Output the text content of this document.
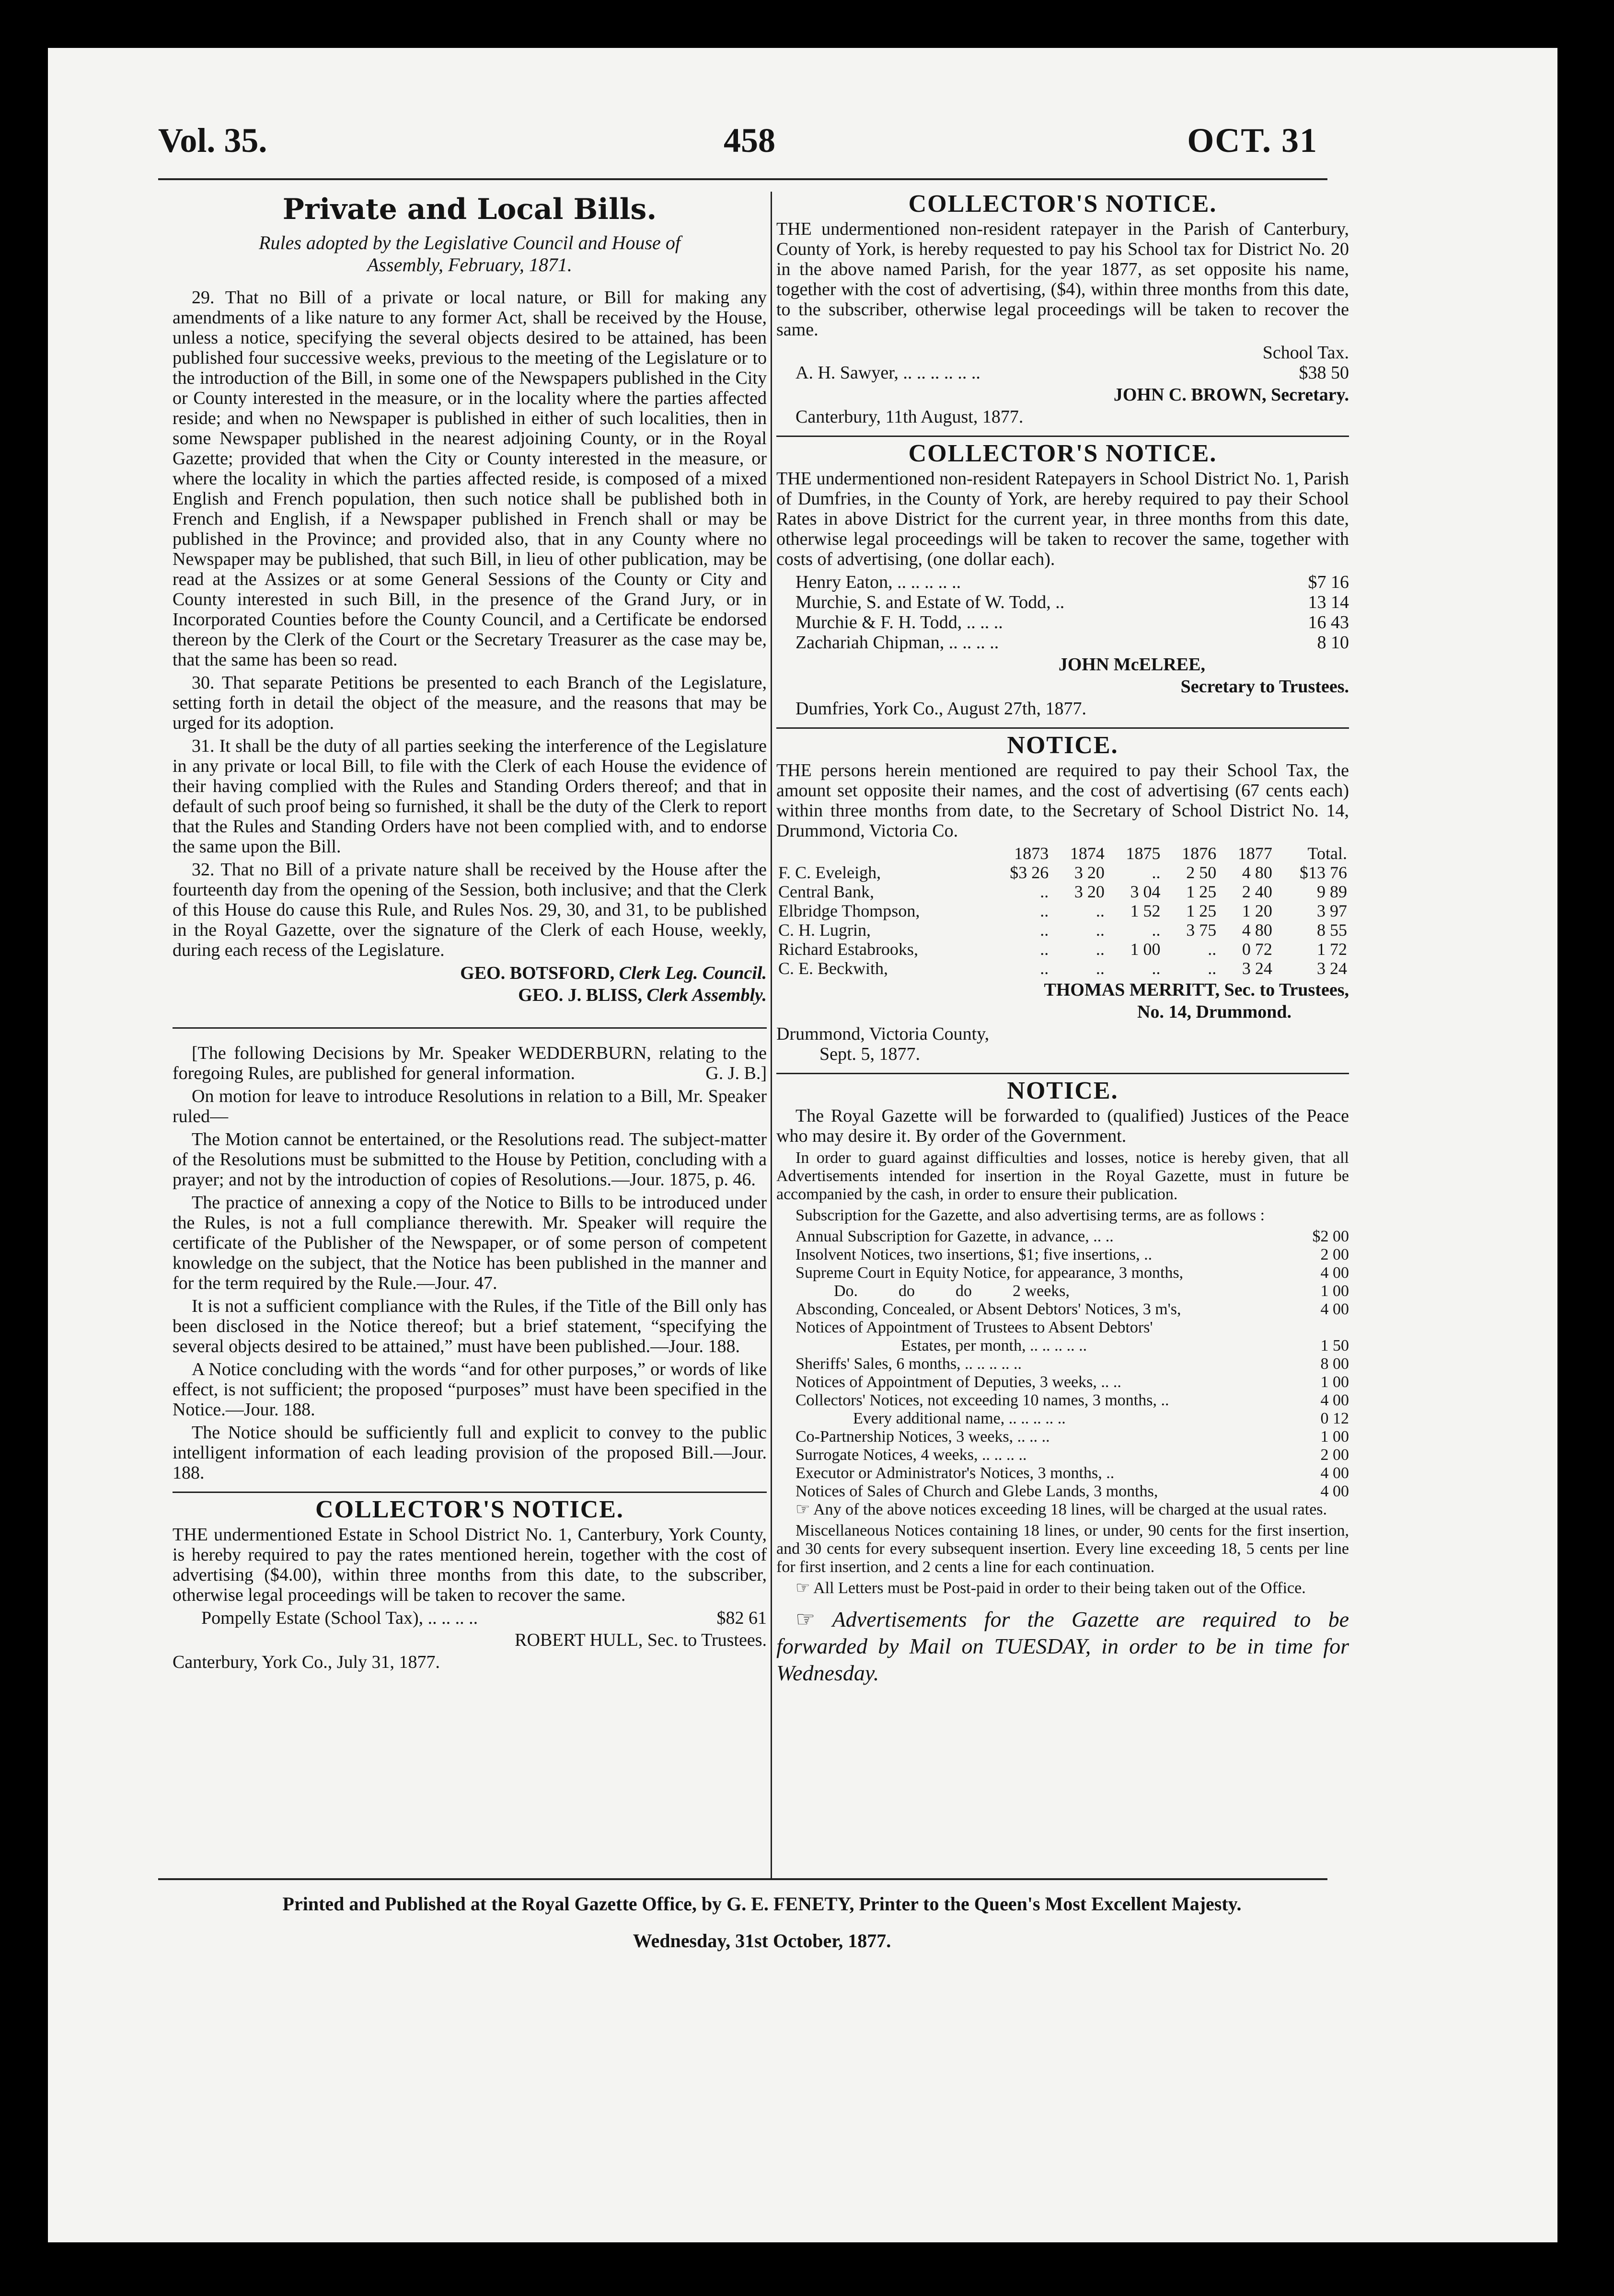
Vol. 35.	458	OCT. 31
Private and Local Bills.
Rules adopted by the Legislative Council and House of
Assembly, February, 1871.

29. That no Bill of a private or local nature, or Bill for making any amendments of a like nature to any former Act, shall be received by the House, unless a notice, specifying the several objects desired to be attained, has been published four successive weeks, previous to the meeting of the Legislature or to the introduction of the Bill, in some one of the Newspapers published in the City or County interested in the measure, or in the locality where the parties affected reside; and when no Newspaper is published in either of such localities, then in some Newspaper published in the nearest adjoining County, or in the Royal Gazette; provided that when the City or County interested in the measure, or where the locality in which the parties affected reside, is composed of a mixed English and French population, then such notice shall be published both in French and English, if a Newspaper published in French shall or may be published in the Province; and provided also, that in any County where no Newspaper may be published, that such Bill, in lieu of other publication, may be read at the Assizes or at some General Sessions of the County or City and County interested in such Bill, in the presence of the Grand Jury, or in Incorporated Counties before the County Council, and a Certificate be endorsed thereon by the Clerk of the Court or the Secretary Treasurer as the case may be, that the same has been so read.

30. That separate Petitions be presented to each Branch of the Legislature, setting forth in detail the object of the measure, and the reasons that may be urged for its adoption.

31. It shall be the duty of all parties seeking the interference of the Legislature in any private or local Bill, to file with the Clerk of each House the evidence of their having complied with the Rules and Standing Orders thereof; and that in default of such proof being so furnished, it shall be the duty of the Clerk to report that the Rules and Standing Orders have not been complied with, and to endorse the same upon the Bill.

32. That no Bill of a private nature shall be received by the House after the fourteenth day from the opening of the Session, both inclusive; and that the Clerk of this House do cause this Rule, and Rules Nos. 29, 30, and 31, to be published in the Royal Gazette, over the signature of the Clerk of each House, weekly, during each recess of the Legislature.

GEO. BOTSFORD, Clerk Leg. Council.
GEO. J. BLISS, Clerk Assembly.

[The following Decisions by Mr. Speaker WEDDERBURN, relating to the foregoing Rules, are published for general information.	G. J. B.]

On motion for leave to introduce Resolutions in relation to a Bill, Mr. Speaker ruled—

The Motion cannot be entertained, or the Resolutions read. The subject-matter of the Resolutions must be submitted to the House by Petition, concluding with a prayer; and not by the introduction of copies of Resolutions.—Jour. 1875, p. 46.

The practice of annexing a copy of the Notice to Bills to be introduced under the Rules, is not a full compliance therewith. Mr. Speaker will require the certificate of the Publisher of the Newspaper, or of some person of competent knowledge on the subject, that the Notice has been published in the manner and for the term required by the Rule.—Jour. 47.

It is not a sufficient compliance with the Rules, if the Title of the Bill only has been disclosed in the Notice thereof; but a brief statement, “specifying the several objects desired to be attained,” must have been published.—Jour. 188.

A Notice concluding with the words “and for other purposes,” or words of like effect, is not sufficient; the proposed “purposes” must have been specified in the Notice.—Jour. 188.

The Notice should be sufficiently full and explicit to convey to the public intelligent information of each leading provision of the proposed Bill.—Jour. 188.

COLLECTOR'S NOTICE.

THE undermentioned Estate in School District No. 1, Canterbury, York County, is hereby required to pay the rates mentioned herein, together with the cost of advertising ($4.00), within three months from this date, to the subscriber, otherwise legal proceedings will be taken to recover the same.

Pompelly Estate (School Tax), .. .. .. ..	$82 61
ROBERT HULL, Sec. to Trustees.

Canterbury, York Co., July 31, 1877.

COLLECTOR'S NOTICE.

THE undermentioned non-resident ratepayer in the Parish of Canterbury, County of York, is hereby requested to pay his School tax for District No. 20 in the above named Parish, for the year 1877, as set opposite his name, together with the cost of advertising, ($4), within three months from this date, to the subscriber, otherwise legal proceedings will be taken to recover the same.

School Tax.
A. H. Sawyer, .. .. .. .. .. ..	$38 50
JOHN C. BROWN, Secretary.

Canterbury, 11th August, 1877.

COLLECTOR'S NOTICE.

THE undermentioned non-resident Ratepayers in School District No. 1, Parish of Dumfries, in the County of York, are hereby required to pay their School Rates in above District for the current year, in three months from this date, otherwise legal proceedings will be taken to recover the same, together with costs of advertising, (one dollar each).

Henry Eaton, .. .. .. .. ..	$7 16
Murchie, S. and Estate of W. Todd, ..	13 14
Murchie & F. H. Todd, .. .. ..	16 43
Zachariah Chipman, .. .. .. ..	8 10
JOHN McELREE,
Secretary to Trustees.

Dumfries, York Co., August 27th, 1877.

NOTICE.

THE persons herein mentioned are required to pay their School Tax, the amount set opposite their names, and the cost of advertising (67 cents each) within three months from date, to the Secretary of School District No. 14, Drummond, Victoria Co.

	1873	1874	1875	1876	1877	Total.
F. C. Eveleigh,	$3 26	3 20	..	2 50	4 80	$13 76
Central Bank,	..	3 20	3 04	1 25	2 40	9 89
Elbridge Thompson,	..	..	1 52	1 25	1 20	3 97
C. H. Lugrin,	..	..	..	3 75	4 80	8 55
Richard Estabrooks,	..	..	1 00	..	0 72	1 72
C. E. Beckwith,	..	..	..	..	3 24	3 24
THOMAS MERRITT, Sec. to Trustees,
No. 14, Drummond.
Drummond, Victoria County,
Sept. 5, 1877.
NOTICE.

The Royal Gazette will be forwarded to (qualified) Justices of the Peace who may desire it. By order of the Government.

In order to guard against difficulties and losses, notice is hereby given, that all Advertisements intended for insertion in the Royal Gazette, must in future be accompanied by the cash, in order to ensure their publication.

Subscription for the Gazette, and also advertising terms, are as follows :

Annual Subscription for Gazette, in advance, .. ..	$2 00
Insolvent Notices, two insertions, $1; five insertions, ..	2 00
Supreme Court in Equity Notice, for appearance, 3 months,	4 00
Do.          do          do          2 weeks,	1 00
Absconding, Concealed, or Absent Debtors' Notices, 3 m's,	4 00
Notices of Appointment of Trustees to Absent Debtors'
Estates, per month, .. .. .. .. ..	1 50
Sheriffs' Sales, 6 months, .. .. .. .. ..	8 00
Notices of Appointment of Deputies, 3 weeks, .. ..	1 00
Collectors' Notices, not exceeding 10 names, 3 months, ..	4 00
Every additional name, .. .. .. .. ..	0 12
Co-Partnership Notices, 3 weeks, .. .. ..	1 00
Surrogate Notices, 4 weeks, .. .. .. ..	2 00
Executor or Administrator's Notices, 3 months, ..	4 00
Notices of Sales of Church and Glebe Lands, 3 months,	4 00

☞ Any of the above notices exceeding 18 lines, will be charged at the usual rates.

Miscellaneous Notices containing 18 lines, or under, 90 cents for the first insertion, and 30 cents for every subsequent insertion. Every line exceeding 18, 5 cents per line for first insertion, and 2 cents a line for each continuation.

☞ All Letters must be Post-paid in order to their being taken out of the Office.

☞ Advertisements for the Gazette are required to be forwarded by Mail on TUESDAY, in order to be in time for Wednesday.

Printed and Published at the Royal Gazette Office, by G. E. FENETY, Printer to the Queen's Most Excellent Majesty.
Wednesday, 31st October, 1877.
